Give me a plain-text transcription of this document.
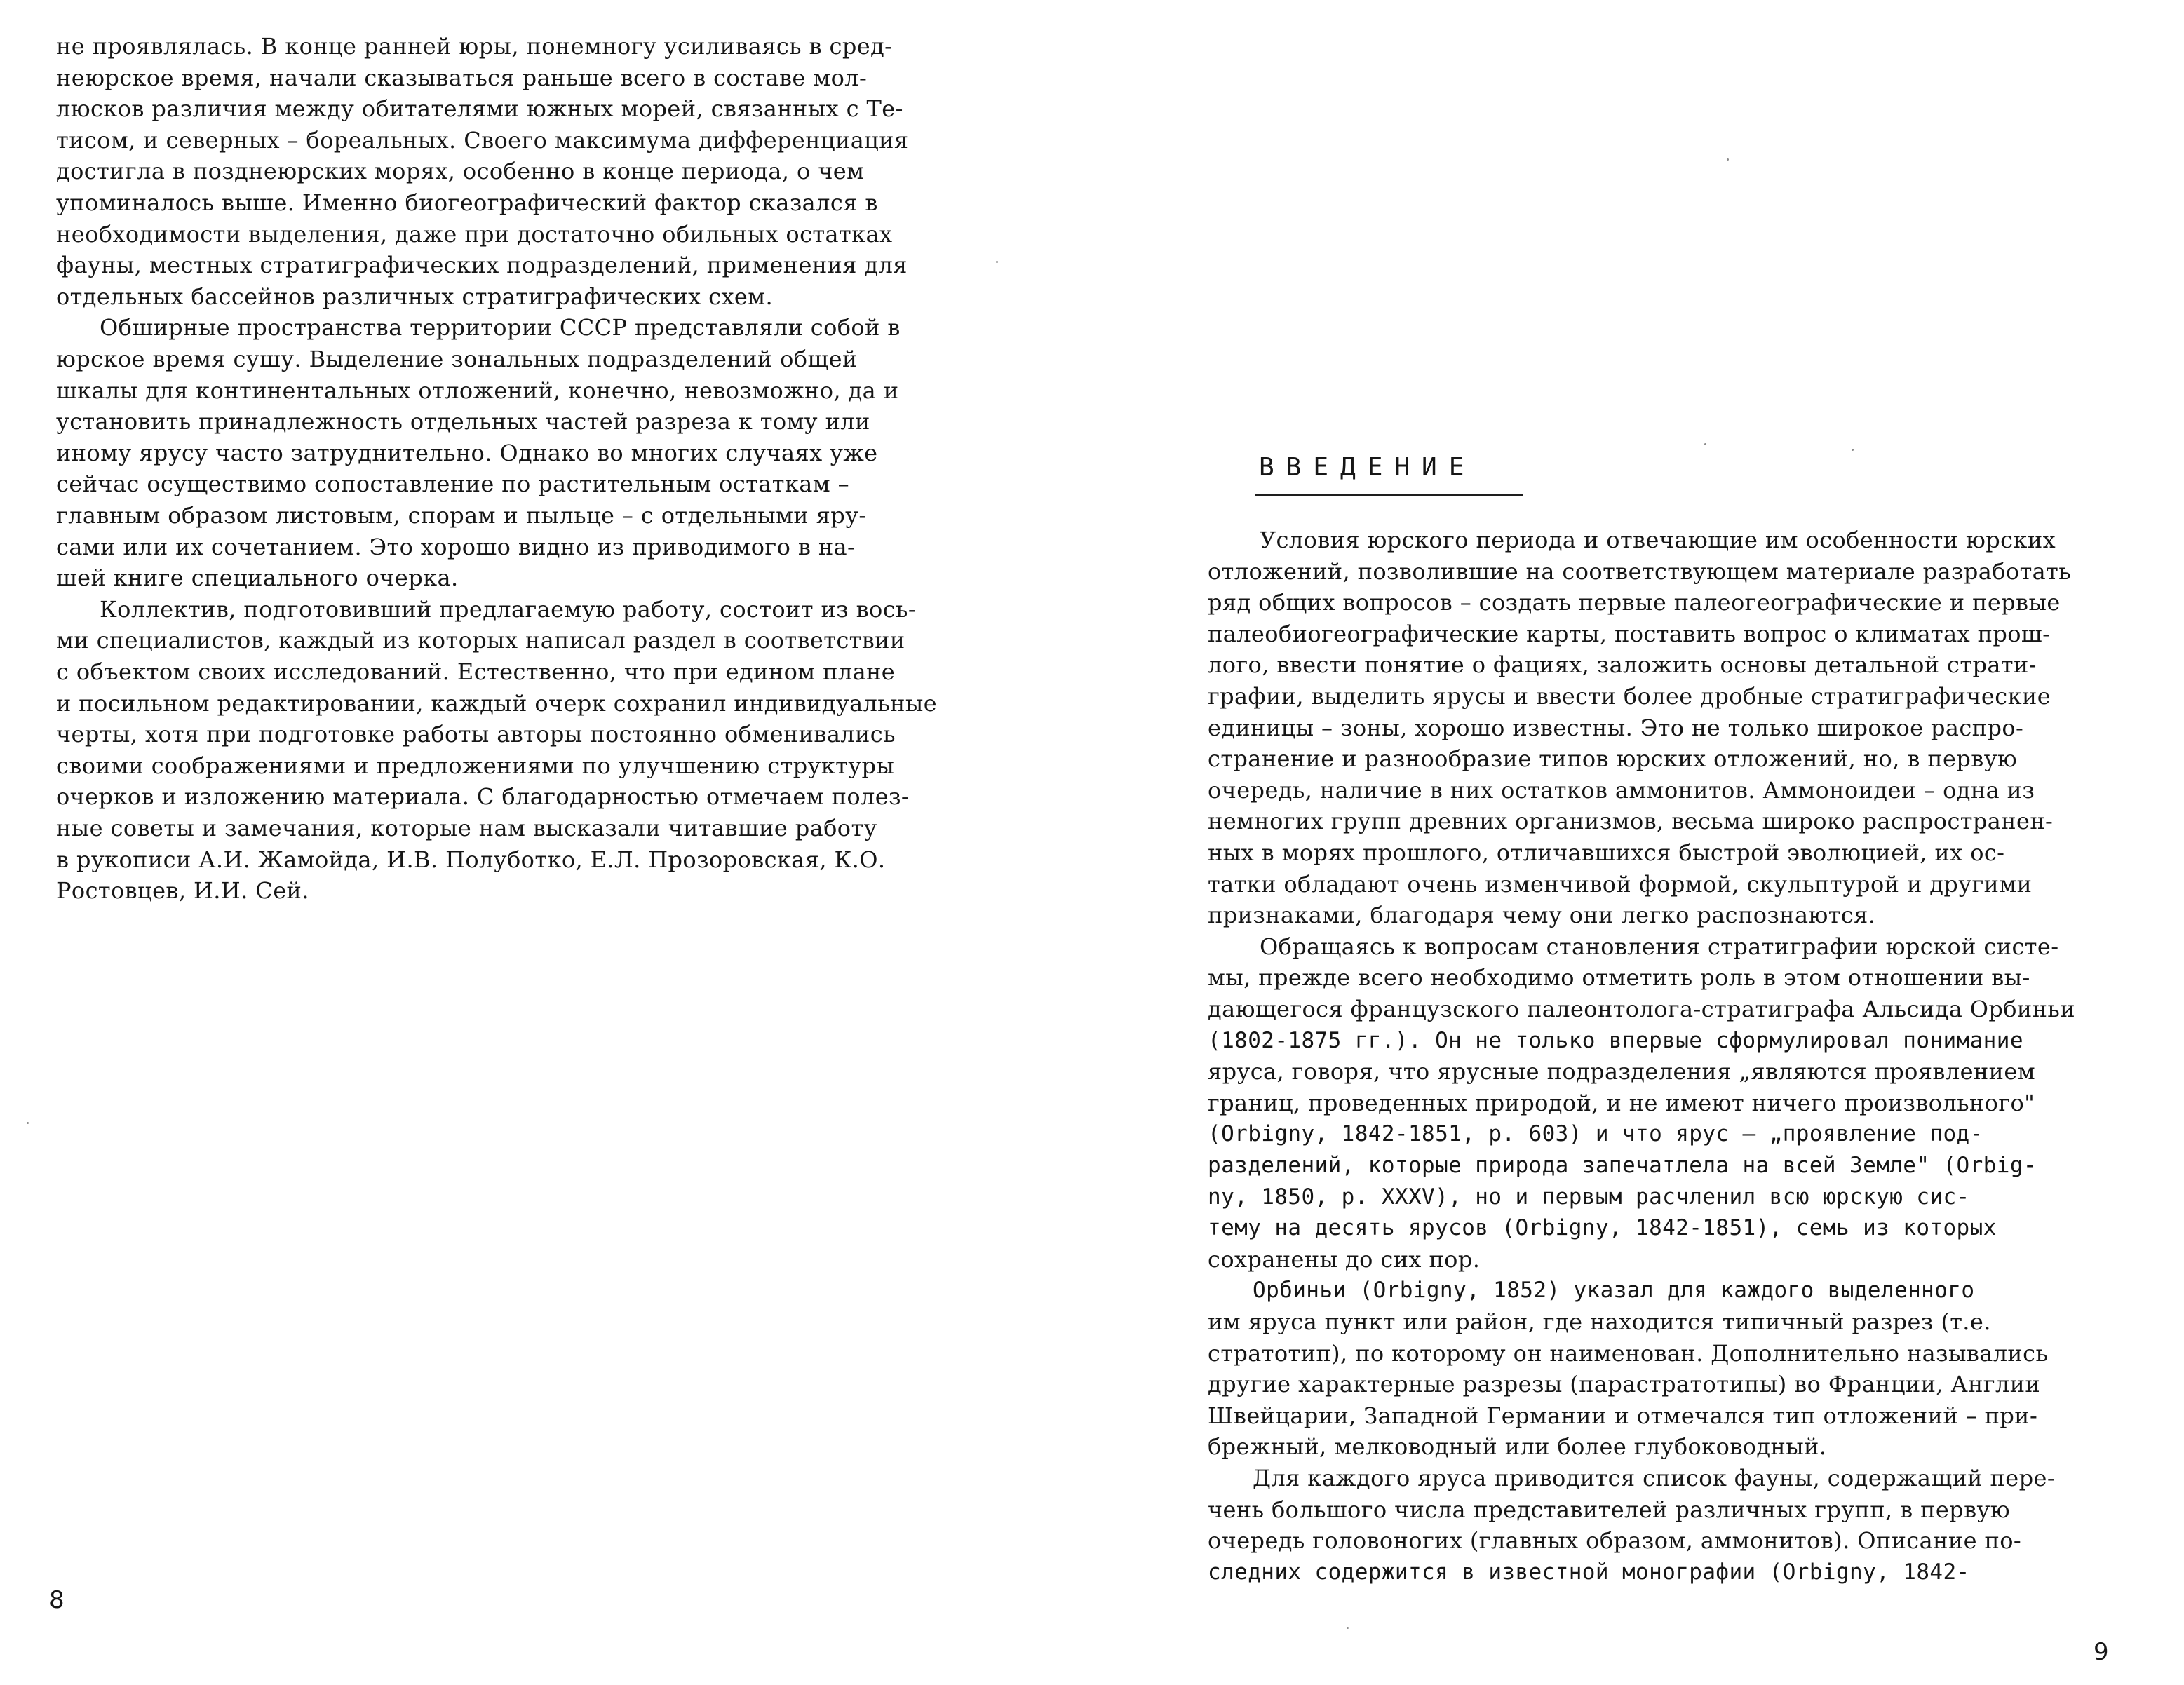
не проявлялась. В конце ранней юры, понемногу усиливаясь в сред-
неюрское время, начали сказываться раньше всего в составе мол-
люсков различия между обитателями южных морей, связанных с Те-
тисом, и северных – бореальных. Своего максимума дифференциация
достигла в позднеюрских морях, особенно в конце периода, о чем
упоминалось выше. Именно биогеографический фактор сказался в
необходимости выделения, даже при достаточно обильных остатках
фауны, местных стратиграфических подразделений, применения для
отдельных бассейнов различных стратиграфических схем.
Обширные пространства территории СССР представляли собой в
юрское время сушу. Выделение зональных подразделений общей
шкалы для континентальных отложений, конечно, невозможно, да и
установить принадлежность отдельных частей разреза к тому или
иному ярусу часто затруднительно. Однако во многих случаях уже
сейчас осуществимо сопоставление по растительным остаткам –
главным образом листовым, спорам и пыльце – с отдельными яру-
сами или их сочетанием. Это хорошо видно из приводимого в на-
шей книге специального очерка.
Коллектив, подготовивший предлагаемую работу, состоит из вось-
ми специалистов, каждый из которых написал раздел в соответствии
с объектом своих исследований. Естественно, что при едином плане
и посильном редактировании, каждый очерк сохранил индивидуальные
черты, хотя при подготовке работы авторы постоянно обменивались
своими соображениями и предложениями по улучшению структуры
очерков и изложению материала. С благодарностью отмечаем полез-
ные советы и замечания, которые нам высказали читавшие работу
в рукописи А.И. Жамойда, И.В. Полуботко, Е.Л. Прозоровская, К.О.
Ростовцев, И.И. Сей.
Условия юрского периода и отвечающие им особенности юрских
отложений, позволившие на соответствующем материале разработать
ряд общих вопросов – создать первые палеогеографические и первые
палеобиогеографические карты, поставить вопрос о климатах прош-
лого, ввести понятие о фациях, заложить основы детальной страти-
графии, выделить ярусы и ввести более дробные стратиграфические
единицы – зоны, хорошо известны. Это не только широкое распро-
странение и разнообразие типов юрских отложений, но, в первую
очередь, наличие в них остатков аммонитов. Аммоноидеи – одна из
немногих групп древних организмов, весьма широко распространен-
ных в морях прошлого, отличавшихся быстрой эволюцией, их ос-
татки обладают очень изменчивой формой, скульптурой и другими
признаками, благодаря чему они легко распознаются.
Обращаясь к вопросам становления стратиграфии юрской систе-
мы, прежде всего необходимо отметить роль в этом отношении вы-
дающегося французского палеонтолога-стратиграфа Альсида Орбиньи
(1802-1875 гг.). Он не только впервые сформулировал понимание
яруса, говоря, что ярусные подразделения „являются проявлением
границ, проведенных природой, и не имеют ничего произвольного"
(Orbigny, 1842-1851, p. 603) и что ярус – „проявление под-
разделений, которые природа запечатлела на всей Земле" (Orbig-
ny, 1850, p. XXXV), но и первым расчленил всю юрскую сис-
тему на десять ярусов (Orbigny, 1842-1851), семь из которых
сохранены до сих пор.
Орбиньи (Orbigny, 1852) указал для каждого выделенного
им яруса пункт или район, где находится типичный разрез (т.е.
стратотип), по которому он наименован. Дополнительно назывались
другие характерные разрезы (парастратотипы) во Франции, Англии
Швейцарии, Западной Германии и отмечался тип отложений – при-
брежный, мелководный или более глубоководный.
Для каждого яруса приводится список фауны, содержащий пере-
чень большого числа представителей различных групп, в первую
очередь головоногих (главных образом, аммонитов). Описание по-
следних содержится в известной монографии (Orbigny, 1842-
ВВЕДЕНИЕ
8
9
